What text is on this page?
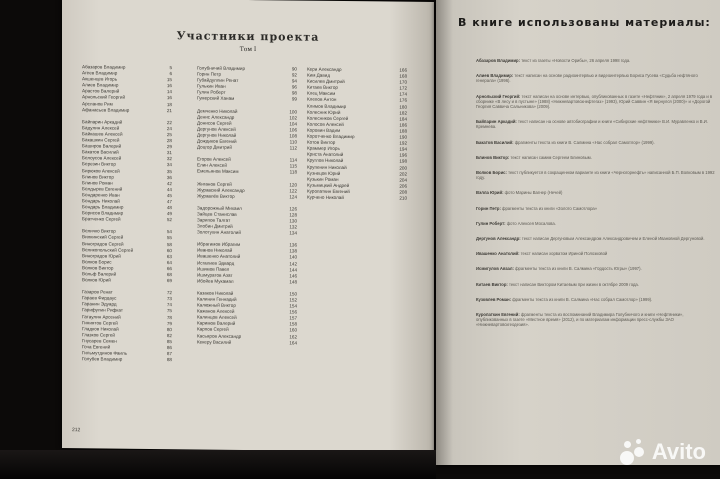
Участники проекта
Том I
Абазаров Владимир	5
Агеев Владимир	6
Акшенцев Игорь	15
Алиев Владимир	16
Арастов Валерий	14
Арнольский Георгий	16
Арсланов Рим	18
Афанасьев Владимир	21
Байпарин Аркадий	22
Бадулин Алексей	24
Байкашев Алексей	25
Бакашкин Сергей	28
Баширов Валерий	29
Бакатов Василий	31
Белоусов Алексей	32
Березин Виктор	34
Бирюков Алексей	35
Блинов Виктор	36
Блинов Роман	42
Болдырев Евгений	44
Бондаренко Иван	45
Бондарь Николай	47
Бондарь Владимир	48
Борисов Владимир	49
Братченко Сергей	52
Величко Виктор	54
Вилкинский Сергей	55
Виноградов Сергей	58
Великопольский Сергей	60
Виноградов Юрий	63
Волков Борис	64
Волков Виктор	66
Вольф Валерий	68
Волков Юрий	69
Газаров Ренат	72
Гараев Фирдаус	73
Гаранин Эдуард	74
Гарифулин Рифкат	75
Гатаулин Арсений	78
Гиниятов Сергей	79
Гладков Николай	80
Глазков Сергей	82
Гнусарев Семен	85
Гоча Евгений	86
Гильмутдинов Фаиль	87
Голубев Владимир	88
Голубничий Владимир	90
Горин Петр	92
Губайдуллин Ренат	94
Гулькин Иван	96
Гулин Роберт	98
Гумерский Ханам	99
Демченко Николай	100
Денис Александр	102
Донисов Сергей	104
Дергунов Алексей	106
Дергунов Николай	108
Дождиков Евгений	110
Доцгор Дмитрий	112
Егоров Алексей	114
Елин Алексей	115
Емельянов Максим	118
Жиганов Сергей	120
Журавский Александр	122
Журавлёв Виктор	124
Задорожный Михаил	126
Зайцев Станислав	128
Зарипов Талгат	130
Злобин Дмитрий	132
Золотухин Анатолий	134
Ибрагимов Ибрагим	136
Иванов Николай	138
Ивашенко Анатолий	140
Исгалиев Эдвард	142
Ишимов Павел	144
Ишмуратов Азат	146
Ибойев Мукамал	148
Казаков Николай	150
Калинин Геннадий	152
Калюжный Виктор	154
Кажанов Алексей	156
Калинцов Алексей	157
Каримов Валерий	158
Карпов Сергей	160
Касьяров Александр	162
Кекеру Василий	164
Кери Александр	166
Ким Давид	168
Кисилев Дмитрий	170
Китаев Виктор	172
Клец Максим	174
Клепов Антон	176
Климов Владимир	180
Колесник Юрий	182
Колесников Сергей	184
Колосов Алексей	186
Коровин Вадим	188
Коротченко Владимир	190
Котов Виктор	192
Краммер Игорь	194
Криста Анатолий	196
Круглов Николай	198
Крупенин Николай	200
Кузнецов Юрий	202
Кузькин Роман	204
Кузьмицкий Андрей	206
Куропаткин Евгений	208
Курчено Николай	210
212
В книге использованы материалы:
Абазаров Владимир: текст из газеты «Новости Орибы», 26 апреля 1998 года.
Алиев Владимир: текст написан на основе радиоинтервью и видеоинтервью Бориса Гусева «Судьба нефтяного генерала» (1996).
Арнольский Георгий: текст написан на основе интервью, опубликованных в газете «Нефтяник», 2 апреля 1979 года и в сборнике «В лесу и в пустыне» (1988) «Нижневартовскнефтегаз» (1993), Юрий Саввин «Я вернулся (2000)» и «Дорогой Георгия Саввича Сальникова» (2009).
Байпарин Аркадий: текст написан на основе автобиографии и книги «Сибирские нефтяники» В.И. Муравленко и В.И. Кремнева.
Бакатов Василий: фрагменты текста из книги В. Салмина «Нас собрал Самотлор» (1999).
Блинов Виктор: текст написан самим Сергеем Блиновым.
Волков Борис: текст публикуется в сокращенном варианте из книги «Черногорнефть» написанной Б.П. Волковым в 1992 году.
Вэлла Юрий: фото Марины Вагнер (Нечей)
Горин Петр: фрагменты текста из книги «Золото Самотлора»
Гулин Роберт: фото Алексея Мосалова.
Дергунов Александр: текст написан Дергуновым Александром Александровичем и Еленой Ивановной Дергуновой.
Ивашенко Анатолий: текст написан хорватом Ириной Полозковой
Исмигулов Авзал: фрагменты текста из книги В. Салмина «Гордость Югры» (1997).
Китаев Виктор: текст написан Виктором Китаевым при жизни в октябре 2009 года.
Кузовлев Роман: фрагменты текста из книги В. Салмина «Нас собрал Самотлор» (1999).
Куропаткин Евгений: фрагменты текста из воспоминаний Владимира Голубничого и книги «Нефтяники», опубликованных в газете «Местное время» (2012), и по материалам информации пресс-службы ЗАО «Нижневартовскгеодезия».
Avito
